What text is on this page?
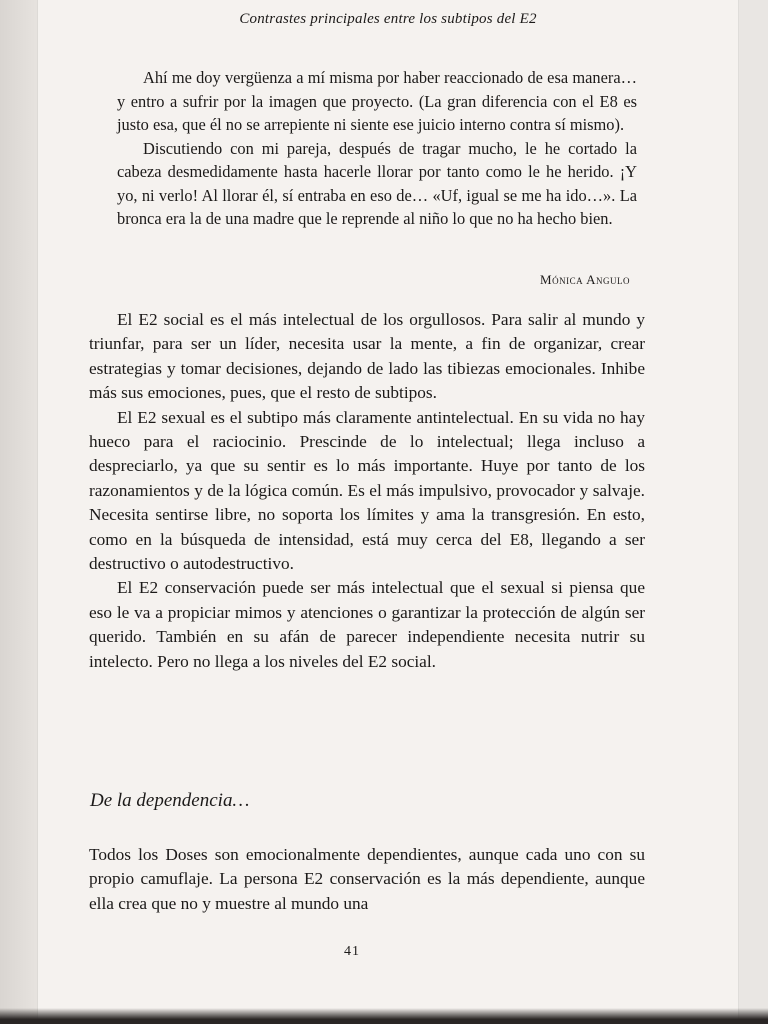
Contrastes principales entre los subtipos del E2

Ahí me doy vergüenza a mí misma por haber reaccionado de esa manera… y entro a sufrir por la imagen que proyecto. (La gran diferencia con el E8 es justo esa, que él no se arrepiente ni siente ese juicio interno contra sí mismo).

Discutiendo con mi pareja, después de tragar mucho, le he cortado la cabeza desmedidamente hasta hacerle llorar por tanto como le he herido. ¡Y yo, ni verlo! Al llorar él, sí entraba en eso de… «Uf, igual se me ha ido…». La bronca era la de una madre que le reprende al niño lo que no ha hecho bien.

Mónica Angulo

El E2 social es el más intelectual de los orgullosos. Para salir al mundo y triunfar, para ser un líder, necesita usar la mente, a fin de organizar, crear estrategias y tomar decisiones, dejando de lado las tibiezas emocionales. Inhibe más sus emociones, pues, que el resto de subtipos.

El E2 sexual es el subtipo más claramente antintelectual. En su vida no hay hueco para el raciocinio. Prescinde de lo intelectual; llega incluso a despreciarlo, ya que su sentir es lo más importante. Huye por tanto de los razonamientos y de la lógica común. Es el más impulsivo, provocador y salvaje. Necesita sentirse libre, no soporta los límites y ama la transgresión. En esto, como en la búsqueda de intensidad, está muy cerca del E8, llegando a ser destructivo o autodestructivo.

El E2 conservación puede ser más intelectual que el sexual si piensa que eso le va a propiciar mimos y atenciones o garantizar la protección de algún ser querido. También en su afán de parecer independiente necesita nutrir su intelecto. Pero no llega a los niveles del E2 social.

De la dependencia…

Todos los Doses son emocionalmente dependientes, aunque cada uno con su propio camuflaje. La persona E2 conservación es la más dependiente, aunque ella crea que no y muestre al mundo una

41
